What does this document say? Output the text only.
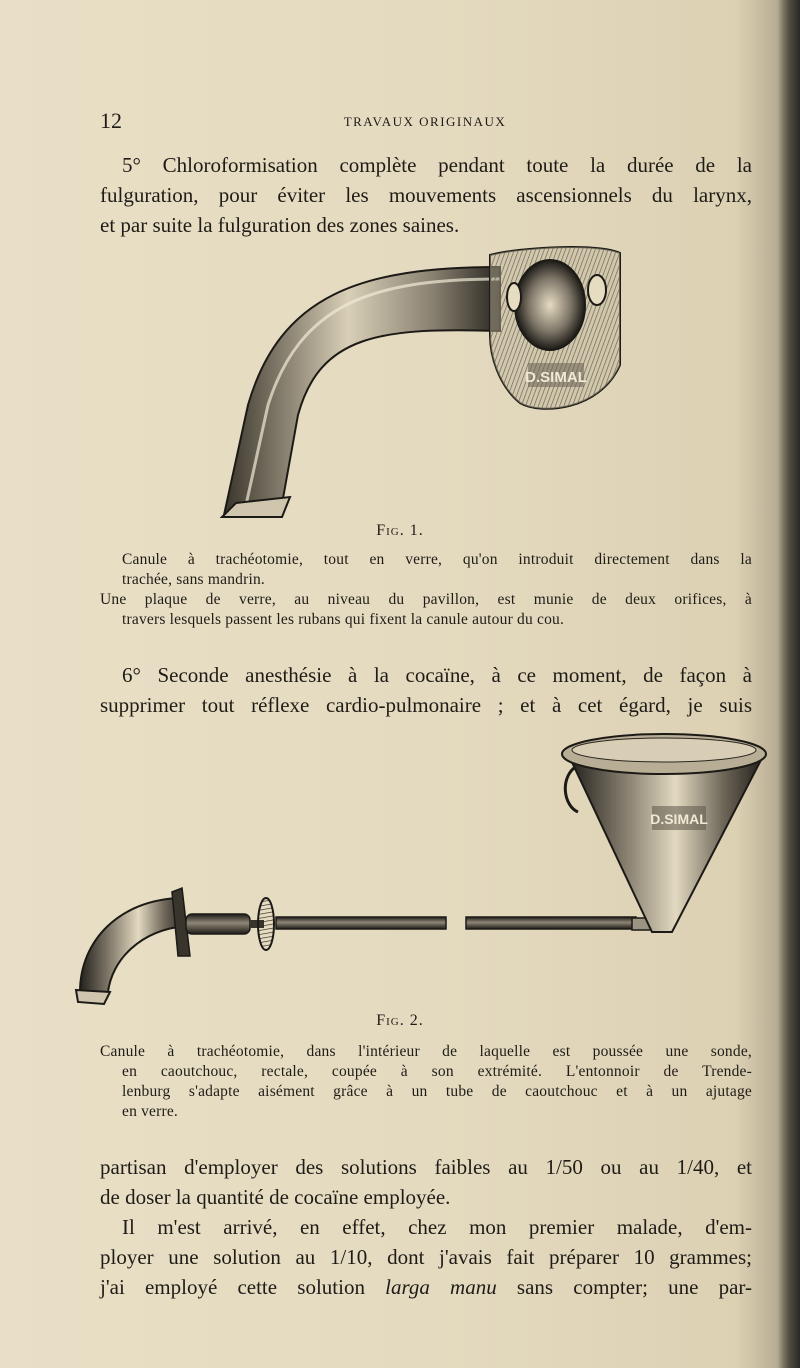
12	TRAVAUX ORIGINAUX

5° Chloroformisation complète pendant toute la durée de la
fulguration, pour éviter les mouvements ascensionnels du larynx,
et par suite la fulguration des zones saines.

D.SIMAL
Fig. 1.
Canule à trachéotomie, tout en verre, qu'on introduit directement dans la
trachée, sans mandrin.
Une plaque de verre, au niveau du pavillon, est munie de deux orifices, à
travers lesquels passent les rubans qui fixent la canule autour du cou.

6° Seconde anesthésie à la cocaïne, à ce moment, de façon à
supprimer tout réflexe cardio-pulmonaire ; et à cet égard, je suis

D.SIMAL
Fig. 2.
Canule à trachéotomie, dans l'intérieur de laquelle est poussée une sonde,
en caoutchouc, rectale, coupée à son extrémité. L'entonnoir de Trende-
lenburg s'adapte aisément grâce à un tube de caoutchouc et à un ajutage
en verre.

partisan d'employer des solutions faibles au 1/50 ou au 1/40, et
de doser la quantité de cocaïne employée.

Il m'est arrivé, en effet, chez mon premier malade, d'em-
ployer une solution au 1/10, dont j'avais fait préparer 10 grammes;
j'ai employé cette solution larga manu sans compter; une par-
